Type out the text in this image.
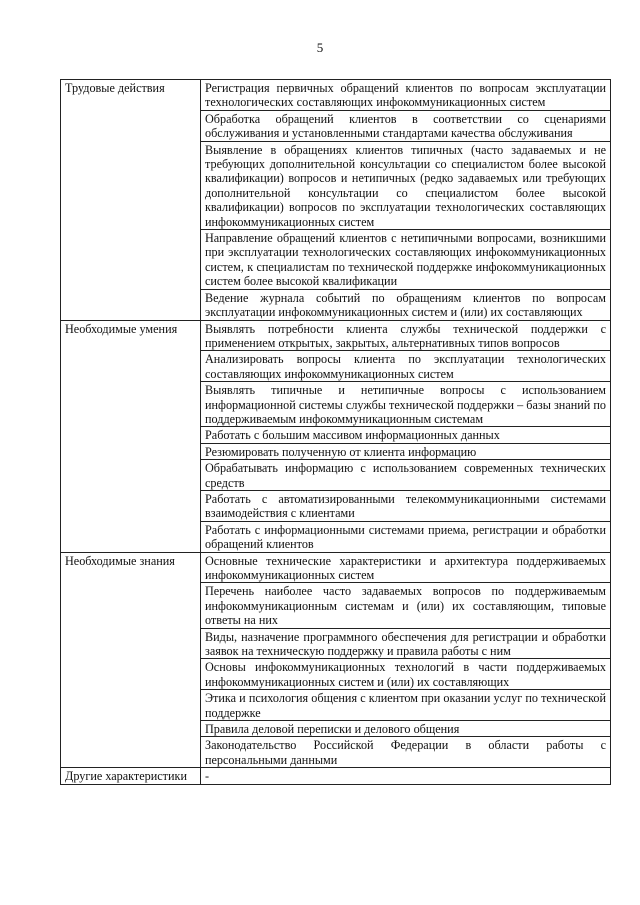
5
Трудовые действия	Регистрация первичных обращений клиентов по вопросам эксплуатации технологических составляющих инфокоммуникационных систем
	Обработка обращений клиентов в соответствии со сценариями обслуживания и установленными стандартами качества обслуживания
	Выявление в обращениях клиентов типичных (часто задаваемых и не требующих дополнительной консультации со специалистом более высокой квалификации) вопросов и нетипичных (редко задаваемых или требующих дополнительной консультации со специалистом более высокой квалификации) вопросов по эксплуатации технологических составляющих инфокоммуникационных систем
	Направление обращений клиентов с нетипичными вопросами, возникшими при эксплуатации технологических составляющих инфокоммуникационных систем, к специалистам по технической поддержке инфокоммуникационных систем более высокой квалификации
	Ведение журнала событий по обращениям клиентов по вопросам эксплуатации инфокоммуникационных систем и (или) их составляющих
Необходимые умения	Выявлять потребности клиента службы технической поддержки с применением открытых, закрытых, альтернативных типов вопросов
	Анализировать вопросы клиента по эксплуатации технологических составляющих инфокоммуникационных систем
	Выявлять типичные и нетипичные вопросы с использованием информационной системы службы технической поддержки – базы знаний по поддерживаемым инфокоммуникационным системам
	Работать с большим массивом информационных данных
	Резюмировать полученную от клиента информацию
	Обрабатывать информацию с использованием современных технических средств
	Работать с автоматизированными телекоммуникационными системами взаимодействия с клиентами
	Работать с информационными системами приема, регистрации и обработки обращений клиентов
Необходимые знания	Основные технические характеристики и архитектура поддерживаемых инфокоммуникационных систем
	Перечень наиболее часто задаваемых вопросов по поддерживаемым инфокоммуникационным системам и (или) их составляющим, типовые ответы на них
	Виды, назначение программного обеспечения для регистрации и обработки заявок на техническую поддержку и правила работы с ним
	Основы инфокоммуникационных технологий в части поддерживаемых инфокоммуникационных систем и (или) их составляющих
	Этика и психология общения с клиентом при оказании услуг по технической поддержке
	Правила деловой переписки и делового общения
	Законодательство Российской Федерации в области работы с персональными данными
Другие характеристики	-
